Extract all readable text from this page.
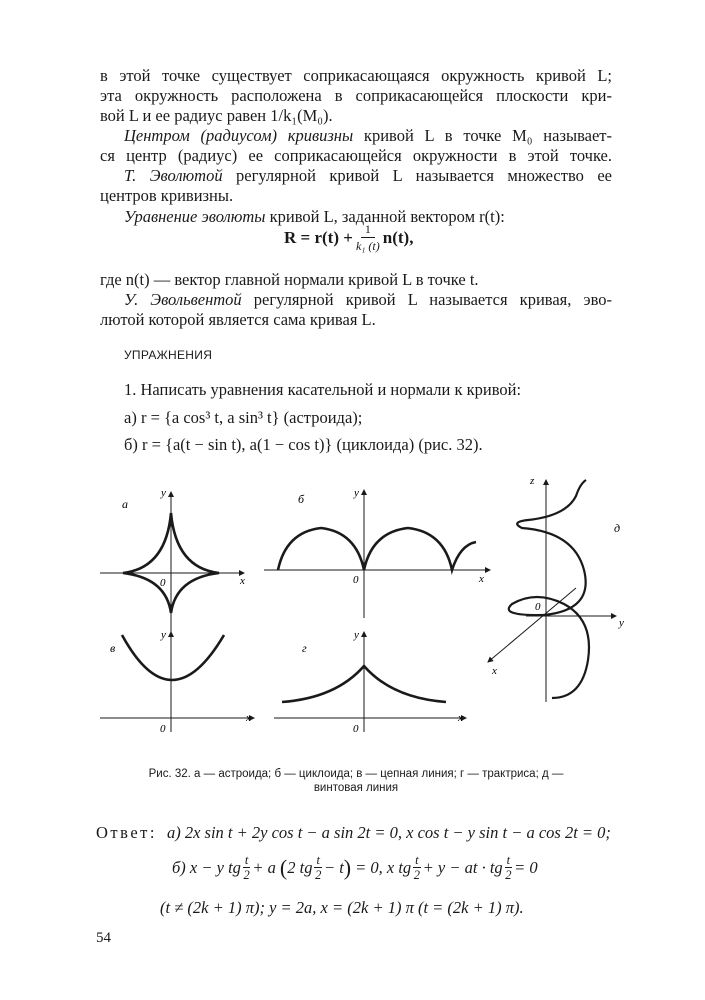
в этой точке существует соприкасающаяся окружность кривой L;
эта окружность расположена в соприкасающейся плоскости кри-
вой L и ее радиус равен 1/k₁(M₀).
Центром (радиусом) кривизны кривой L в точке M₀ называет-
ся центр (радиус) ее соприкасающейся окружности в этой точке.
Т. Эволютой регулярной кривой L называется множество ее
центров кривизны.
Уравнение эволюты кривой L, заданной вектором r(t):
$R = r(t) + \frac{1}{\text{k₁ (t)}} n(t)$,
где n(t) — вектор главной нормали кривой L в точке t.
У. Эвольвентой регулярной кривой L называется кривая, эво-
лютой которой является сама кривая L.
УПРАЖНЕНИЯ
1. Написать уравнения касательной и нормали к кривой:
а) r = {a cos³ t, a sin³ t} (астроида);
б) r = {a(t − sin t), a(1 − cos t)} (циклоида) (рис. 32).
а
y
x
0
б	y
x
0
в
y
x
0
г
y
x
0
z
y
x
0
д
Рис. 32. а — астроида; б — циклоида; в — цепная линия; г — трактриса; д —
винтовая линия
Ответ: а) 2x sin t + 2y cos t − a sin 2t = 0, x cos t − y sin t − a cos 2t = 0;
б) x − y tg t
2 + a ( 2 tg t
2 − t ) = 0, x tg t
2 + y − at · tg $\frac{t}{2} = 0$
(t ≠ (2k + 1) π); y = 2a, x = (2k + 1) π (t = (2k + 1) π).
54
